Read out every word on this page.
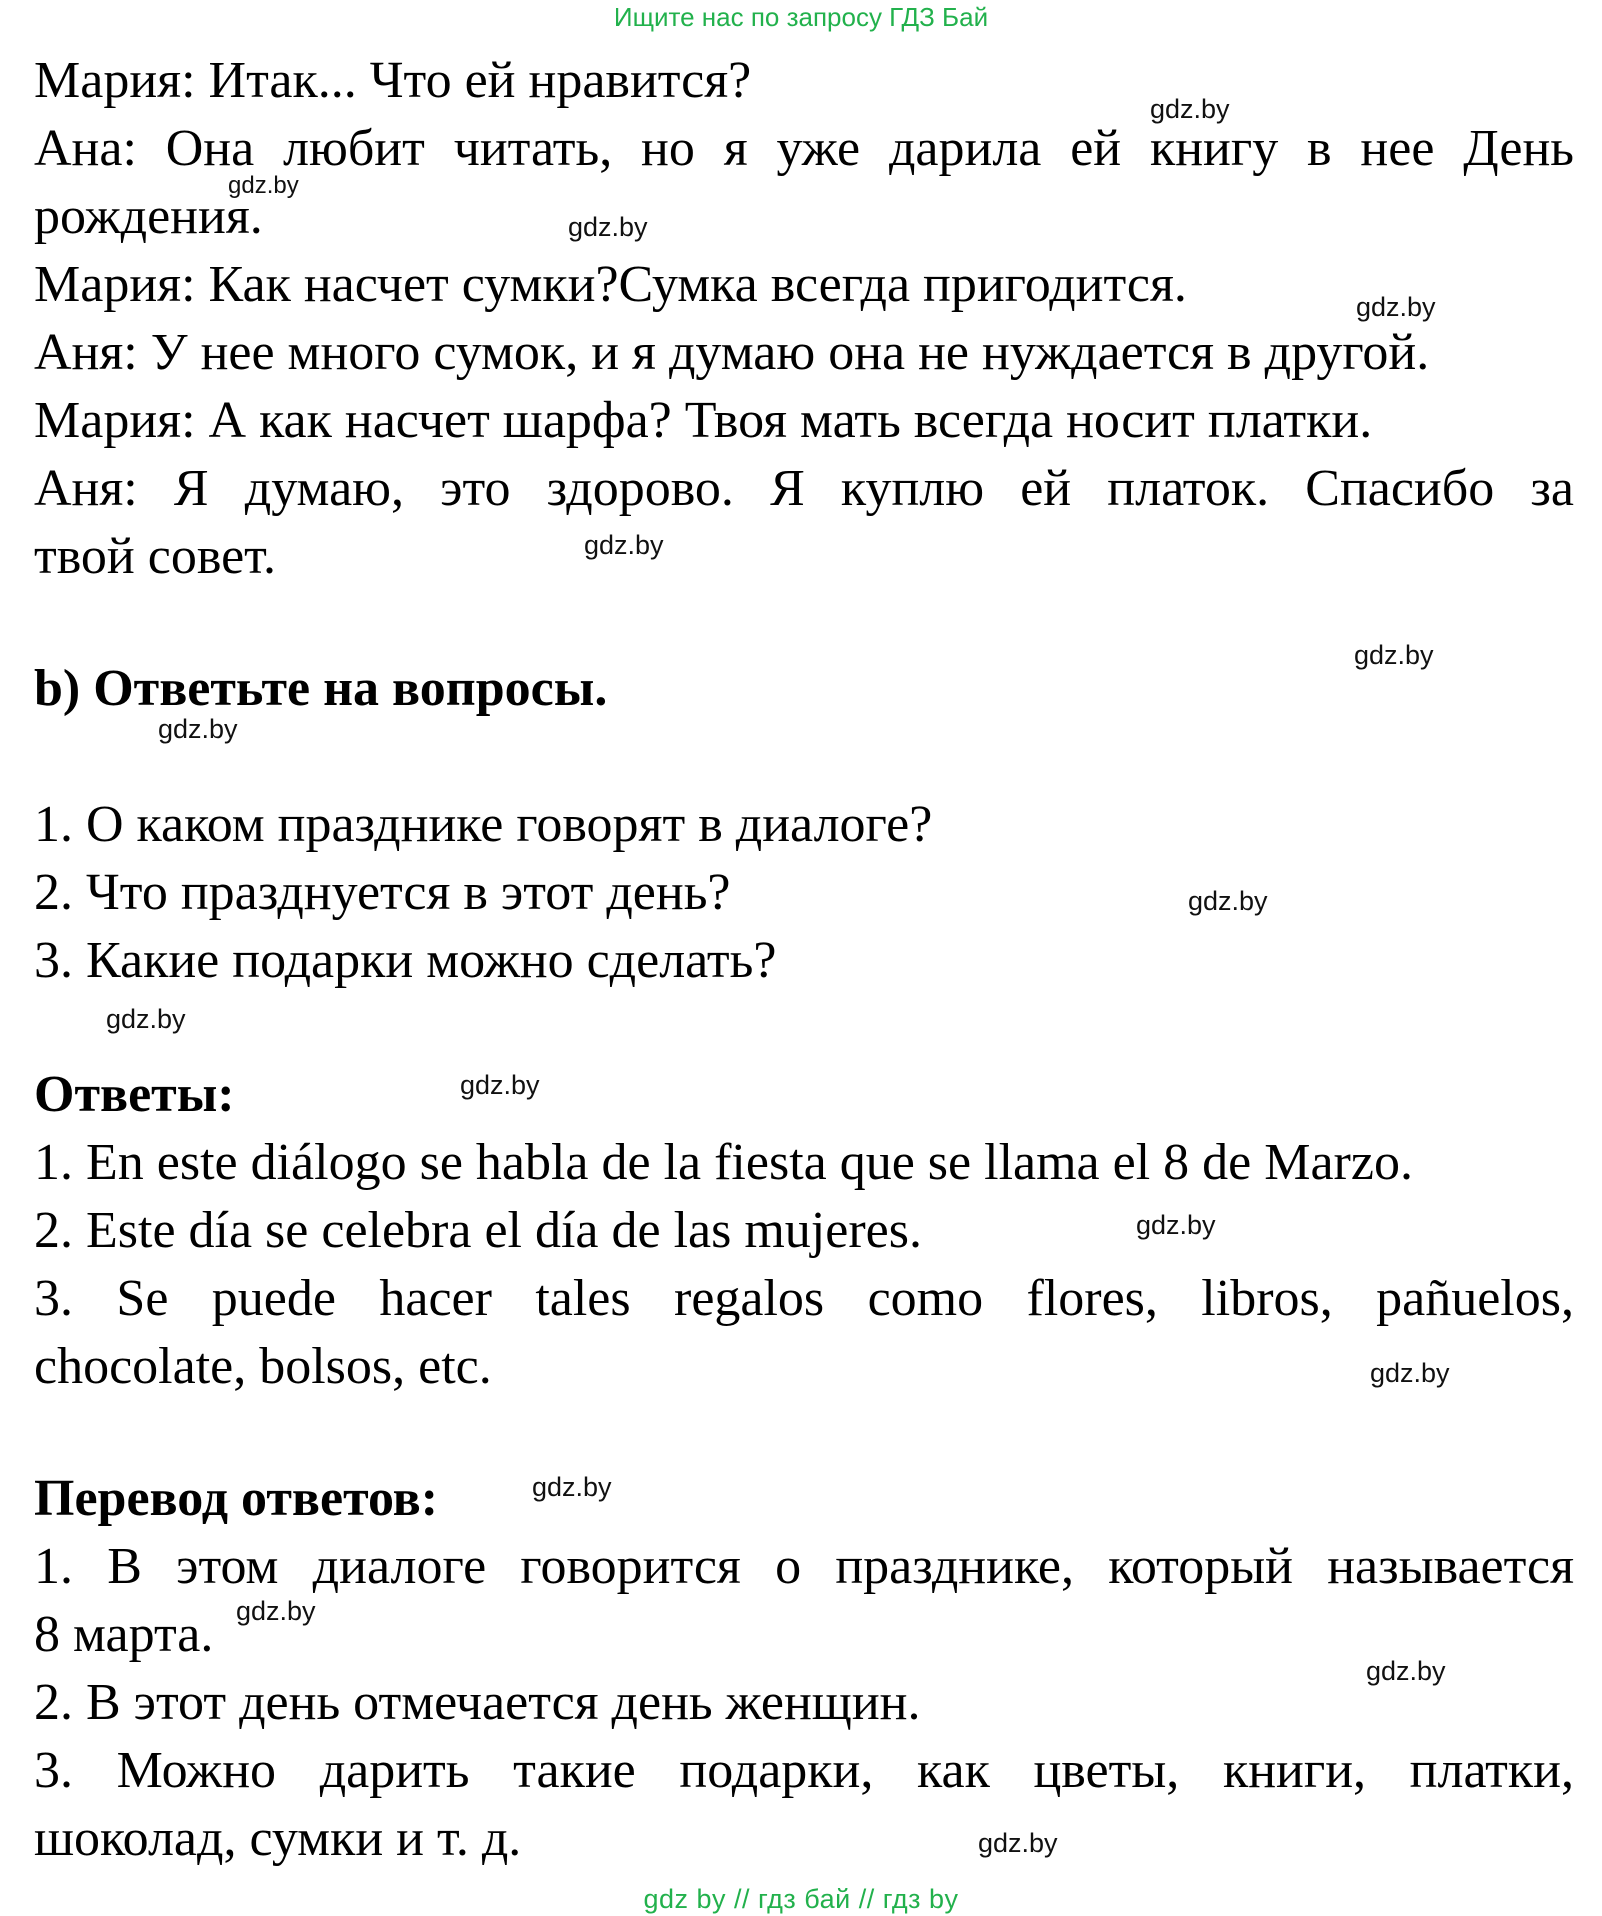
Ищите нас по запросу ГДЗ Бай
Мария: Итак... Что ей нравится?
Ана: Она любит читать, но я уже дарила ей книгу в нее День
рождения.
Мария: Как насчет сумки?Сумка всегда пригодится.
Аня: У нее много сумок, и я думаю она не нуждается в другой.
Мария: А как насчет шарфа? Твоя мать всегда носит платки.
Аня: Я думаю, это здорово. Я куплю ей платок. Спасибо за
твой совет.
b) Ответьте на вопросы.
1. О каком празднике говорят в диалоге?
2. Что празднуется в этот день?
3. Какие подарки можно сделать?
Ответы:
1. En este diálogo se habla de la fiesta que se llama el 8 de Marzo.
2. Este día se celebra el día de las mujeres.
3. Se puede hacer tales regalos como flores, libros, pañuelos,
chocolate, bolsos, etc.
Перевод ответов:
1. В этом диалоге говорится о празднике, который называется
8 марта.
2. В этот день отмечается день женщин.
3. Можно дарить такие подарки, как цветы, книги, платки,
шоколад, сумки и т. д.
gdz.by
gdz.by
gdz.by
gdz.by
gdz.by
gdz.by
gdz.by
gdz.by
gdz.by
gdz.by
gdz.by
gdz.by
gdz.by
gdz.by
gdz.by
gdz.by
gdz by // гдз бай // гдз by
